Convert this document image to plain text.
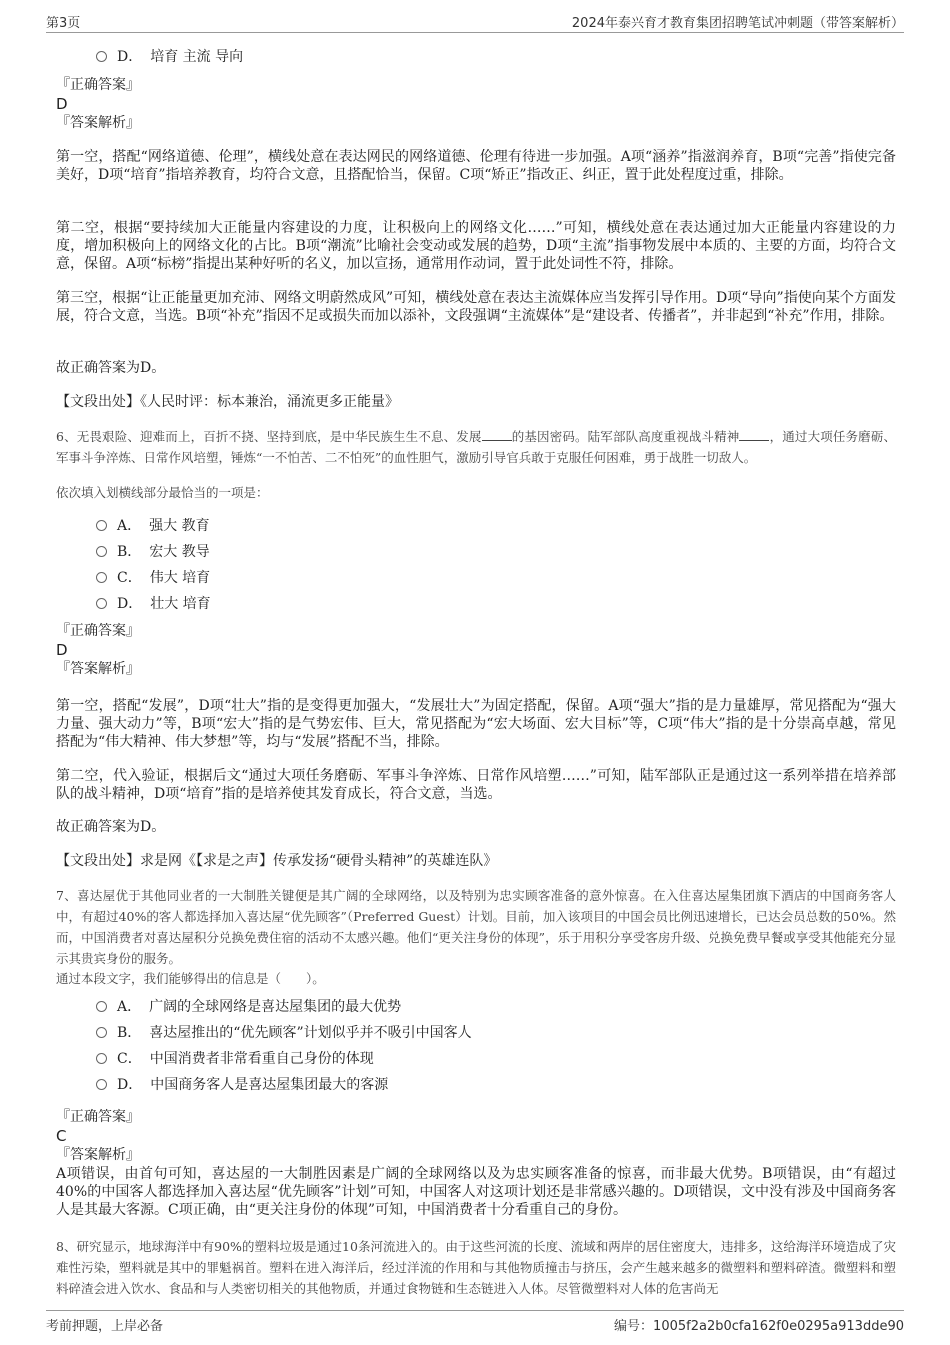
第3页	2024年泰兴育才教育集团招聘笔试冲刺题（带答案解析）
D． 培育 主流 导向

『正确答案』

D

『答案解析』

第一空，搭配“网络道德、伦理”，横线处意在表达网民的网络道德、伦理有待进一步加强。A项“涵养”指滋润养育，B项“完善”指使完备美好，D项“培育”指培养教育，均符合文意，且搭配恰当，保留。C项“矫正”指改正、纠正，置于此处程度过重，排除。

第二空，根据“要持续加大正能量内容建设的力度，让积极向上的网络文化……”可知，横线处意在表达通过加大正能量内容建设的力度，增加积极向上的网络文化的占比。B项“潮流”比喻社会变动或发展的趋势，D项“主流”指事物发展中本质的、主要的方面，均符合文意，保留。A项“标榜”指提出某种好听的名义，加以宣扬，通常用作动词，置于此处词性不符，排除。

第三空，根据“让正能量更加充沛、网络文明蔚然成风”可知，横线处意在表达主流媒体应当发挥引导作用。D项“导向”指使向某个方面发展，符合文意，当选。B项“补充”指因不足或损失而加以添补，文段强调“主流媒体”是“建设者、传播者”，并非起到“补充”作用，排除。

故正确答案为D。

【文段出处】《人民时评：标本兼治，涌流更多正能量》

6、无畏艰险、迎难而上，百折不挠、坚持到底，是中华民族生生不息、发展 的基因密码。陆军部队高度重视战斗精神 ，通过大项任务磨砺、军事斗争淬炼、日常作风培塑，锤炼“一不怕苦、二不怕死”的血性胆气，激励引导官兵敢于克服任何困难，勇于战胜一切敌人。

依次填入划横线部分最恰当的一项是：

A． 强大 教育
B． 宏大 教导
C． 伟大 培育
D． 壮大 培育

『正确答案』

D

『答案解析』

第一空，搭配“发展”，D项“壮大”指的是变得更加强大，“发展壮大”为固定搭配，保留。A项“强大”指的是力量雄厚，常见搭配为“强大力量、强大动力”等，B项“宏大”指的是气势宏伟、巨大，常见搭配为“宏大场面、宏大目标”等，C项“伟大”指的是十分崇高卓越，常见搭配为“伟大精神、伟大梦想”等，均与“发展”搭配不当，排除。

第二空，代入验证，根据后文“通过大项任务磨砺、军事斗争淬炼、日常作风培塑……”可知，陆军部队正是通过这一系列举措在培养部队的战斗精神，D项“培育”指的是培养使其发育成长，符合文意，当选。

故正确答案为D。

【文段出处】求是网《【求是之声】传承发扬“硬骨头精神”的英雄连队》

7、喜达屋优于其他同业者的一大制胜关键便是其广阔的全球网络，以及特别为忠实顾客准备的意外惊喜。在入住喜达屋集团旗下酒店的中国商务客人中，有超过40%的客人都选择加入喜达屋“优先顾客”（Preferred Guest）计划。目前，加入该项目的中国会员比例迅速增长，已达会员总数的50%。然而，中国消费者对喜达屋积分兑换免费住宿的活动不太感兴趣。他们“更关注身份的体现”，乐于用积分享受客房升级、兑换免费早餐或享受其他能充分显示其贵宾身份的服务。

通过本段文字，我们能够得出的信息是（　　）。

A． 广阔的全球网络是喜达屋集团的最大优势
B． 喜达屋推出的“优先顾客”计划似乎并不吸引中国客人
C． 中国消费者非常看重自己身份的体现
D． 中国商务客人是喜达屋集团最大的客源

『正确答案』

C

『答案解析』

A项错误，由首句可知，喜达屋的一大制胜因素是广阔的全球网络以及为忠实顾客准备的惊喜，而非最大优势。B项错误，由“有超过40%的中国客人都选择加入喜达屋“优先顾客”计划”可知，中国客人对这项计划还是非常感兴趣的。D项错误，文中没有涉及中国商务客人是其最大客源。C项正确，由“更关注身份的体现”可知，中国消费者十分看重自己的身份。

8、研究显示，地球海洋中有90%的塑料垃圾是通过10条河流进入的。由于这些河流的长度、流域和两岸的居住密度大，违排多，这给海洋环境造成了灾难性污染，塑料就是其中的罪魁祸首。塑料在进入海洋后，经过洋流的作用和与其他物质撞击与挤压，会产生越来越多的微塑料和塑料碎渣。微塑料和塑料碎渣会进入饮水、食品和与人类密切相关的其他物质，并通过食物链和生态链进入人体。尽管微塑料对人体的危害尚无

考前押题，上岸必备	编号：1005f2a2b0cfa162f0e0295a913dde90
